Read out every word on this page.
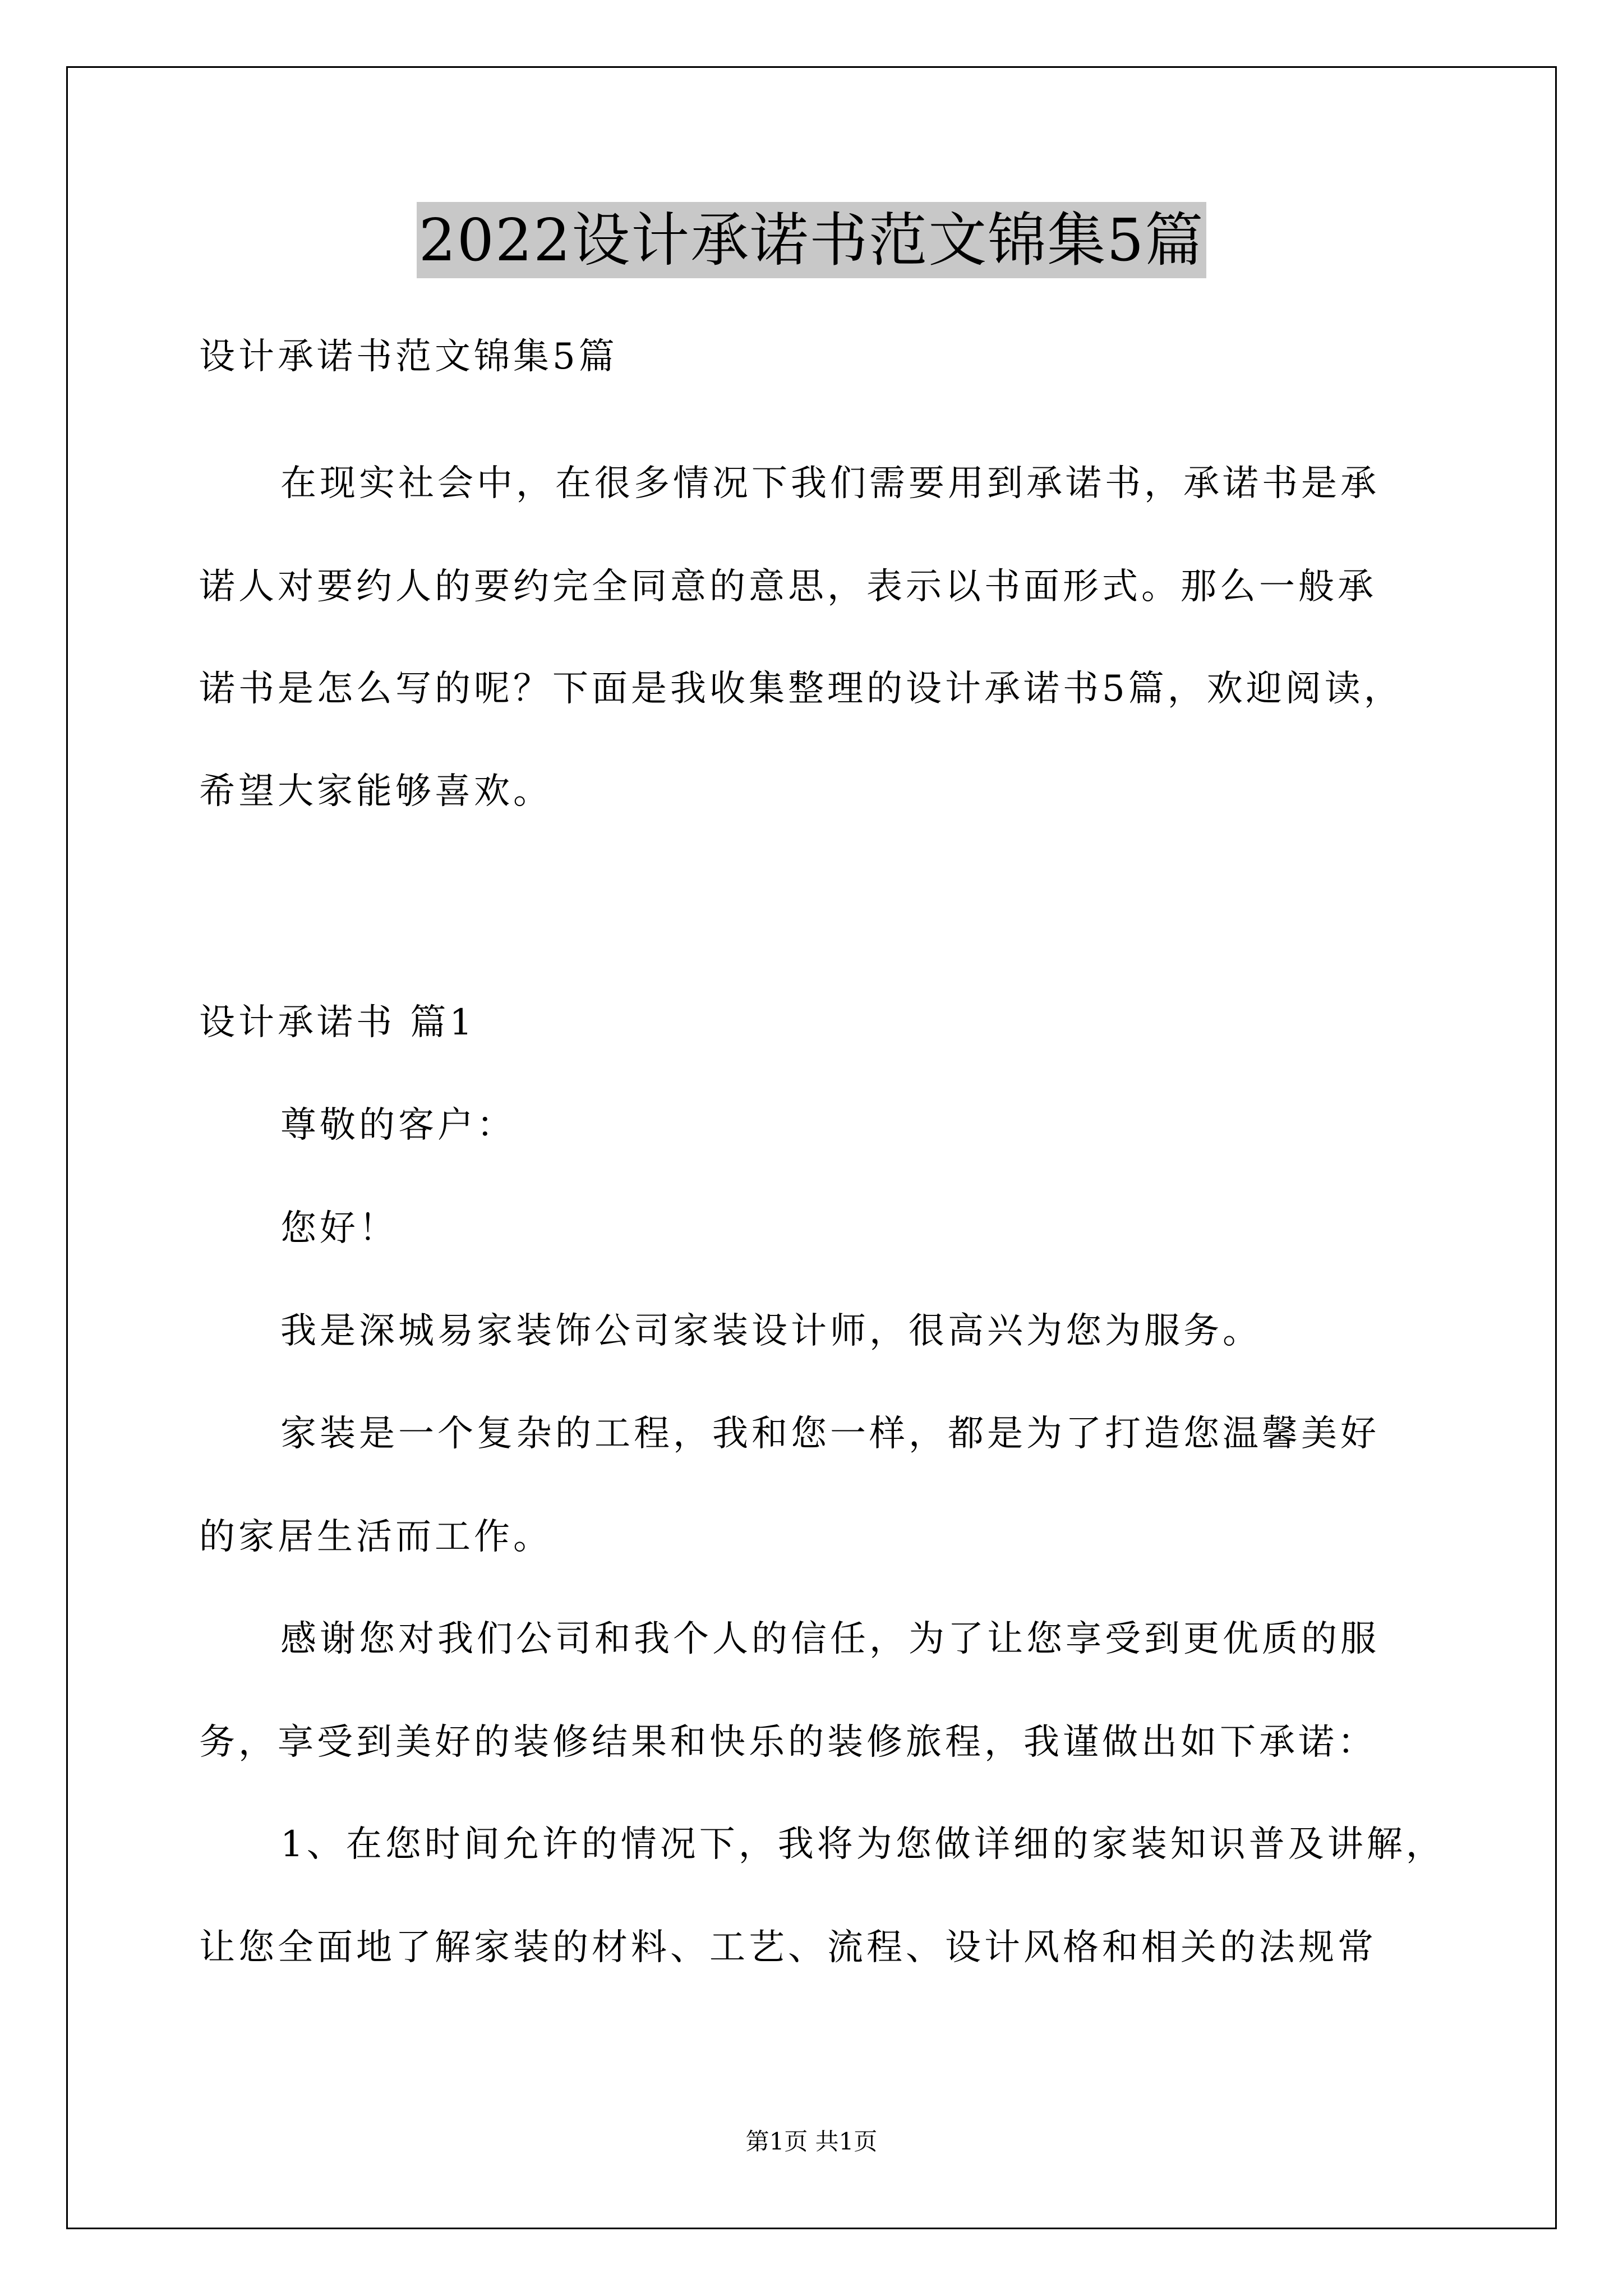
2022设计承诺书范文锦集5篇
设计承诺书范文锦集5篇
在现实社会中，在很多情况下我们需要用到承诺书，承诺书是承
诺人对要约人的要约完全同意的意思，表示以书面形式。那么一般承
诺书是怎么写的呢？下面是我收集整理的设计承诺书5篇，欢迎阅读，
希望大家能够喜欢。
设计承诺书 篇1
尊敬的客户：
您好！
我是深城易家装饰公司家装设计师，很高兴为您为服务。
家装是一个复杂的工程，我和您一样，都是为了打造您温馨美好
的家居生活而工作。
感谢您对我们公司和我个人的信任，为了让您享受到更优质的服
务，享受到美好的装修结果和快乐的装修旅程，我谨做出如下承诺：
1、在您时间允许的情况下，我将为您做详细的家装知识普及讲解，
让您全面地了解家装的材料、工艺、流程、设计风格和相关的法规常
第1页 共1页
